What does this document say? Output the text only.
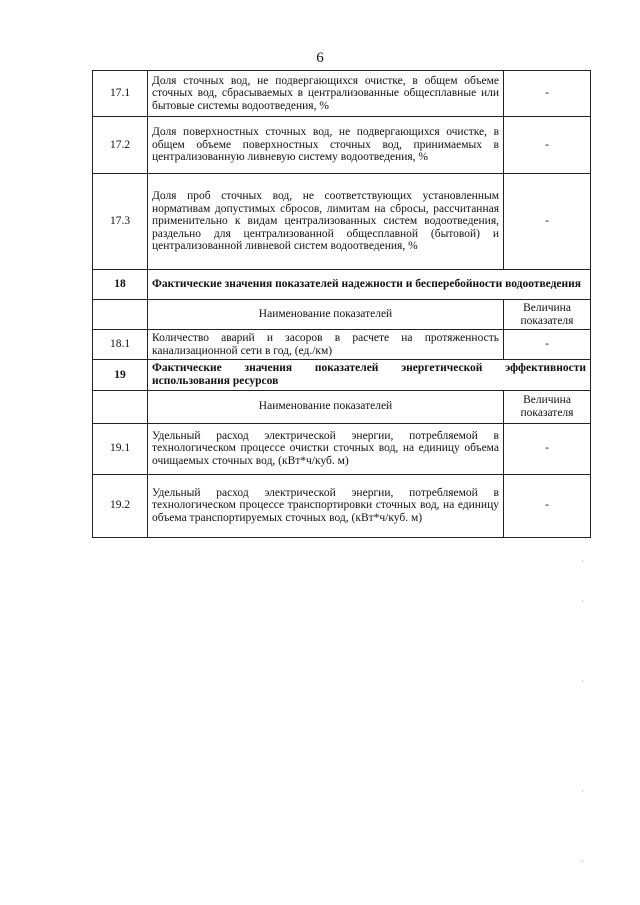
6
17.1	Доля сточных вод, не подвергающихся очистке, в общем объеме сточных вод, сбрасываемых в централизованные общесплавные или бытовые системы водоотведения, %	-
17.2	Доля поверхностных сточных вод, не подвергающихся очистке, в общем объеме поверхностных сточных вод, принимаемых в централизованную ливневую систему водоотведения, %	-
17.3	Доля проб сточных вод, не соответствующих установленным нормативам допустимых сбросов, лимитам на сбросы, рассчитанная применительно к видам централизованных систем водоотведения, раздельно для централизованной общесплавной (бытовой) и централизованной ливневой систем водоотведения, %	-
18	Фактические значения показателей надежности и бесперебойности водоотведения	
	Наименование показателей	Величина показателя
18.1	Количество аварий и засоров в расчете на протяженность канализационной сети в год, (ед./км)	-
19	Фактические значения показателей энергетической эффективности использования ресурсов	
	Наименование показателей	Величина показателя
19.1	Удельный расход электрической энергии, потребляемой в технологическом процессе очистки сточных вод, на единицу объема очищаемых сточных вод, (кВт*ч/куб. м)	-
19.2	Удельный расход электрической энергии, потребляемой в технологическом процессе транспортировки сточных вод, на единицу объема транспортируемых сточных вод, (кВт*ч/куб. м)	-
